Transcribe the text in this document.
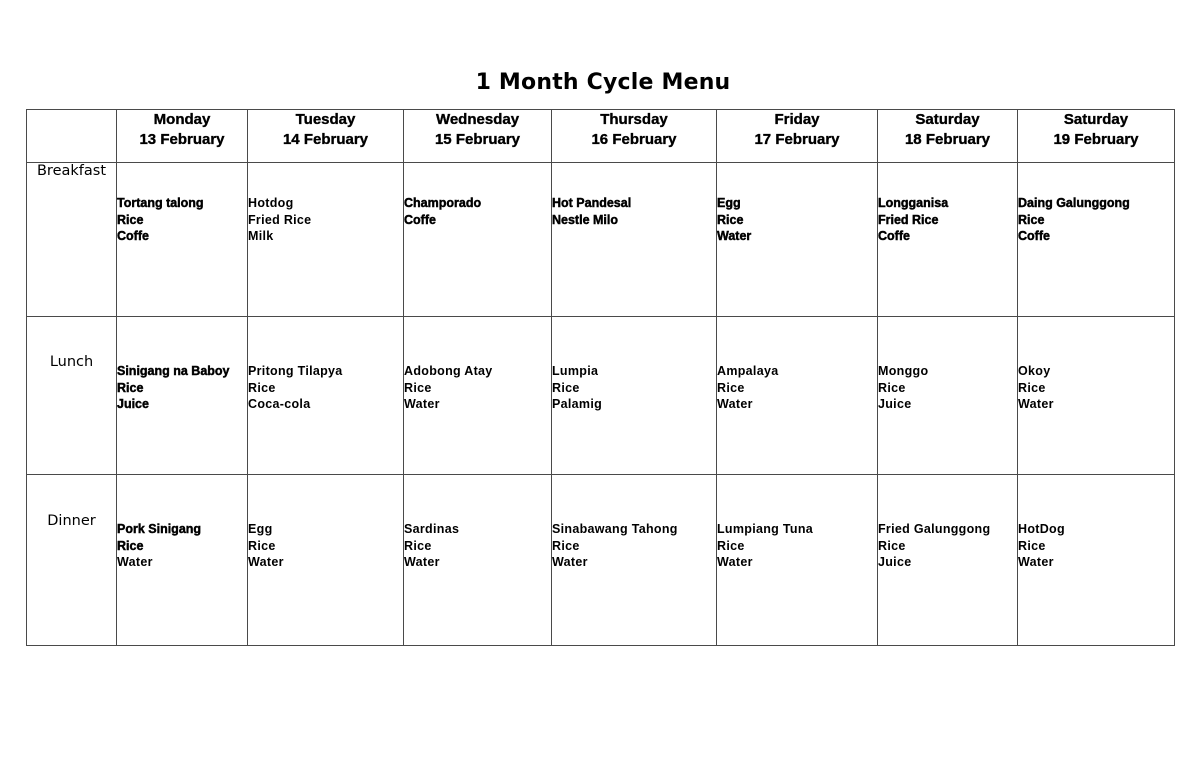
1 Month Cycle Menu

	Monday
13 February	Tuesday
14 February	Wednesday
15 February	Thursday
16 February	Friday
17 February	Saturday
18 February	Saturday
19 February

Breakfast	Tortang talong
Rice
Coffe	Hotdog
Fried Rice
Milk	Champorado
Coffe	Hot Pandesal
Nestle Milo	Egg
Rice
Water	Longganisa
Fried Rice
Coffe	Daing Galunggong
Rice
Coffe

Lunch	Sinigang na Baboy
Rice
Juice	Pritong Tilapya
Rice
Coca-cola	Adobong Atay
Rice
Water	Lumpia
Rice
Palamig	Ampalaya
Rice
Water	Monggo
Rice
Juice	Okoy
Rice
Water

Dinner	Pork Sinigang
Rice
Water	Egg
Rice
Water	Sardinas
Rice
Water	Sinabawang Tahong
Rice
Water	Lumpiang Tuna
Rice
Water	Fried Galunggong
Rice
Juice	HotDog
Rice
Water
